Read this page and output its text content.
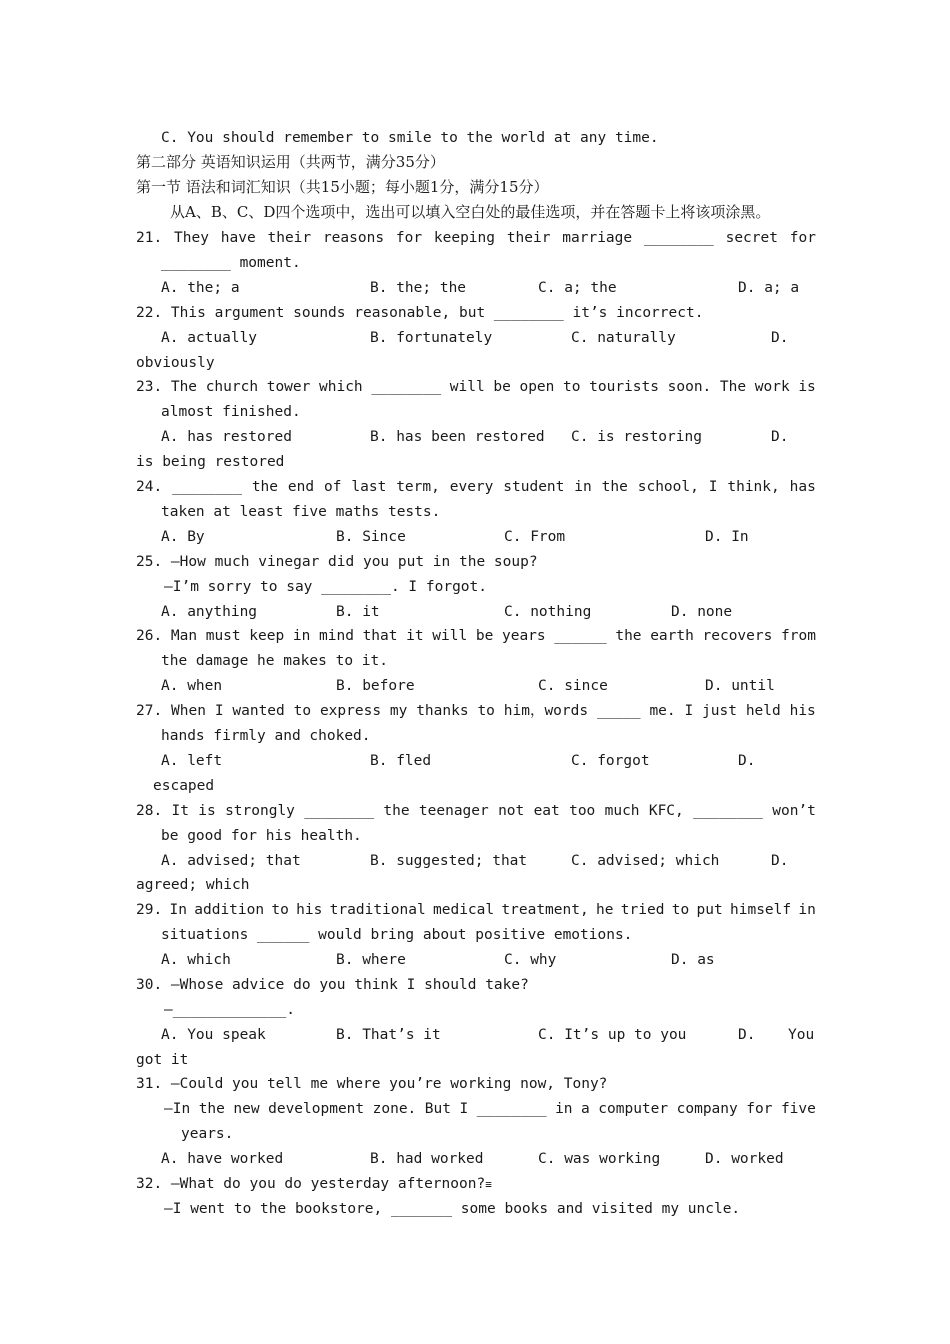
C. You should remember to smile to the world at any time.
第二部分 英语知识运用（共两节，满分35分）
第一节 语法和词汇知识（共15小题；每小题1分，满分15分）
从A、B、C、D四个选项中，选出可以填入空白处的最佳选项，并在答题卡上将该项涂黑。
21. They have their reasons for keeping their marriage ________ secret for
________ moment.
A. the; a	B. the; the	C. a; the	D. a; a
22. This argument sounds reasonable, but ________ it’s incorrect.
A. actually	B. fortunately	C. naturally	D.
obviously
23. The church tower which ________ will be open to tourists soon. The work is
almost finished.
A. has restored	B. has been restored C. is restoring	D.
is being restored
24. ________ the end of last term, every student in the school, I think, has
taken at least five maths tests.
A. By	B. Since	C. From	D. In
25. —How much vinegar did you put in the soup?
—I’m sorry to say ________. I forgot.
A. anything	B. it	C. nothing	D. none
26. Man must keep in mind that it will be years ______ the earth recovers from
the damage he makes to it.
A. when	B. before	C. since	D. until
27. When I wanted to express my thanks to him，words _____ me. I just held his
hands firmly and choked.
A. left	B. fled	C. forgot	D.
escaped
28. It is strongly ________ the teenager not eat too much KFC, ________ won’t
be good for his health.
A. advised; that	B. suggested; that	C. advised; which	D.
agreed; which
29. In addition to his traditional medical treatment, he tried to put himself in
situations ______ would bring about positive emotions.
A. which	B. where	C. why	D. as
30. —Whose advice do you think I should take?
—_____________.
A. You speak	B. That’s it	C. It’s up to you	D. You
got it
31. —Could you tell me where you’re working now, Tony?
—In the new development zone. But I ________ in a computer company for five
years.
A. have worked	B. had worked	C. was working	D. worked
32. —What do you do yesterday afternoon?≡
—I went to the bookstore, _______ some books and visited my uncle.
